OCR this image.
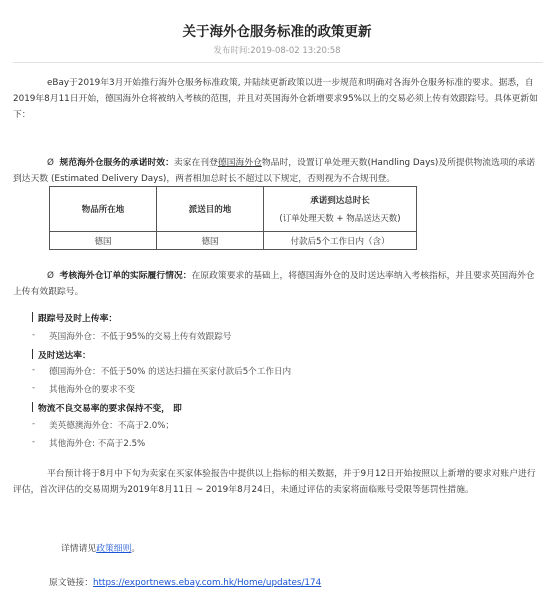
关于海外仓服务标准的政策更新
发布时间:2019-08-02 13:20:58
eBay于2019年3月开始推行海外仓服务标准政策, 并陆续更新政策以进一步规范和明确对各海外仓服务标准的要求。据悉，自2019年8月11日开始，德国海外仓将被纳入考核的范围，并且对英国海外仓新增要求95%以上的交易必须上传有效跟踪号。具体更新如下：
Ø 规范海外仓服务的承诺时效：卖家在刊登德国海外仓物品时，设置订单处理天数(Handling Days)及所提供物流选项的承诺到达天数 (Estimated Delivery Days)，两者相加总时长不超过以下规定，否则视为不合规刊登。
物品所在地	派送目的地	承诺到达总时长
(订单处理天数 + 物品送达天数)

德国	德国	付款后5个工作日内（含）
Ø 考核海外仓订单的实际履行情况：在原政策要求的基础上，将德国海外仓的及时送达率纳入考核指标，并且要求英国海外仓上传有效跟踪号。
跟踪号及时上传率：
- 英国海外仓：不低于95%的交易上传有效跟踪号
及时送达率：
- 德国海外仓：不低于50% 的送达扫描在买家付款后5个工作日内
- 其他海外仓的要求不变
物流不良交易率的要求保持不变， 即
- 美英德澳海外仓：不高于2.0%；
- 其他海外仓: 不高于2.5%
平台预计将于8月中下旬为卖家在买家体验报告中提供以上指标的相关数据，并于9月12日开始按照以上新增的要求对账户进行评估，首次评估的交易周期为2019年8月11日 ~ 2019年8月24日，未通过评估的卖家将面临账号受限等惩罚性措施。
详情请见政策细则。
原文链接：https://exportnews.ebay.com.hk/Home/updates/174
